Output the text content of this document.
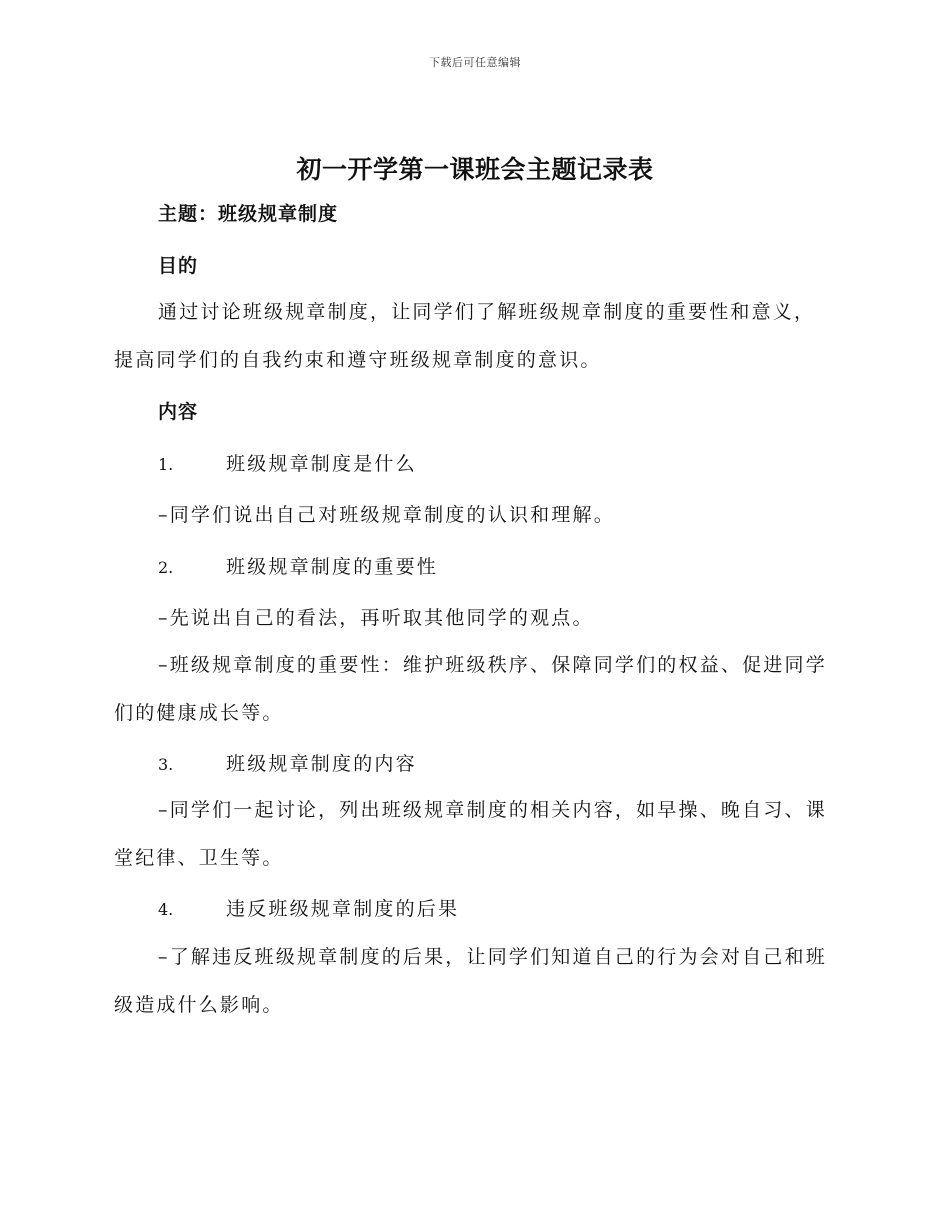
下载后可任意编辑
初一开学第一课班会主题记录表
主题：班级规章制度
目的
通过讨论班级规章制度，让同学们了解班级规章制度的重要性和意义，提高同学们的自我约束和遵守班级规章制度的意识。
内容
1.	班级规章制度是什么
–同学们说出自己对班级规章制度的认识和理解。
2.	班级规章制度的重要性
–先说出自己的看法，再听取其他同学的观点。
–班级规章制度的重要性：维护班级秩序、保障同学们的权益、促进同学们的健康成长等。
3.	班级规章制度的内容
–同学们一起讨论，列出班级规章制度的相关内容，如早操、晚自习、课堂纪律、卫生等。
4.	违反班级规章制度的后果
–了解违反班级规章制度的后果，让同学们知道自己的行为会对自己和班级造成什么影响。
